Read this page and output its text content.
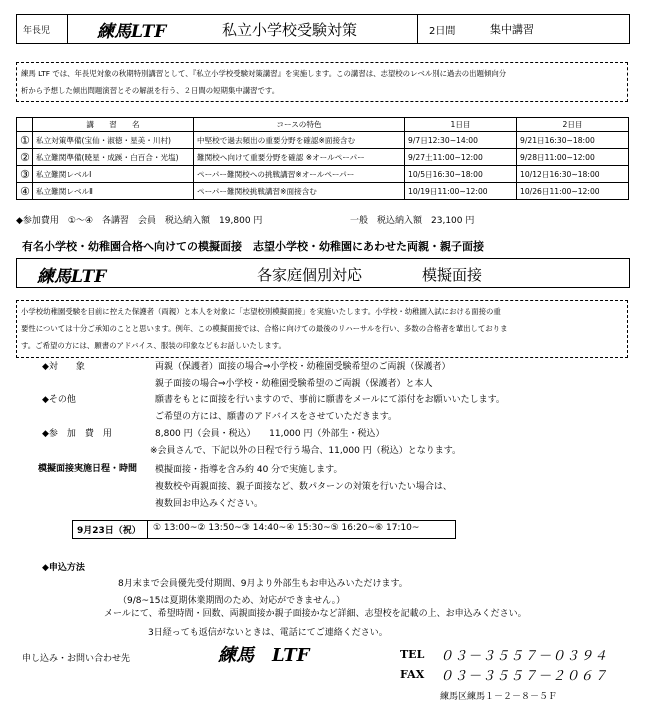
年長児	練馬LTF	私立小学校受験対策	2日間	集中講習
練馬 LTF では、年長児対象の秋期特別講習として、『私立小学校受験対策講習』を実施します。この講習は、志望校のレベル別に過去の出題傾向分
析から予想した傾出問題演習とその解説を行う、２日間の短期集中講習です。
	講　　習　　名	コースの特色	1日目	2日目
①	私立対策準備(宝仙・淑徳・星美・川村)	中堅校で過去頻出の重要分野を確認※面接含む	9/7日12:30~14:00	9/21日16:30~18:00
②	私立難関準備(暁星・成蹊・白百合・光塩)	難関校へ向けて重要分野を確認 ※オールペーパー	9/27土11:00~12:00	9/28日11:00~12:00
③	私立難関レベルⅠ	ペーパー難関校への挑戦講習※オールペーパー	10/5日16:30~18:00	10/12日16:30~18:00
④	私立難関レベルⅡ	ペーパー難関校挑戦講習※面接含む	10/19日11:00~12:00	10/26日11:00~12:00
◆参加費用　①～④　各講習　会員　税込納入額　19,800 円	一般　税込納入額　23,100 円
有名小学校・幼稚園合格へ向けての模擬面接　志望小学校・幼稚園にあわせた両親・親子面接
練馬LTF	各家庭個別対応	模擬面接
小学校幼稚園受験を目前に控えた保護者（両親）と本人を対象に「志望校別模擬面接」を実施いたします。小学校・幼稚園入試における面接の重
要性については十分ご承知のことと思います。例年、この模擬面接では、合格に向けての最後のリハーサルを行い、多数の合格者を輩出しておりま
す。ご希望の方には、願書のアドバイス、服装の印象などもお話しいたします。
◆対　　象	両親（保護者）面接の場合⇒小学校・幼稚園受験希望のご両親（保護者）
親子面接の場合⇒小学校・幼稚園受験希望のご両親（保護者）と本人
◆その他	願書をもとに面接を行いますので、事前に願書をメールにて添付をお願いいたします。
ご希望の方には、願書のアドバイスをさせていただきます。
◆参　加　費　用	8,800 円（会員・税込）　　11,000 円（外部生・税込）
※会員さんで、下記以外の日程で行う場合、11,000 円（税込）となります。
模擬面接実施日程・時間 模擬面接・指導を含み約 40 分で実施します。
複数校や両親面接、親子面接など、数パターンの対策を行いたい場合は、
複数回お申込みください。
9月23日（祝） ① 13:00~② 13:50~③ 14:40~④ 15:30~⑤ 16:20~⑥ 17:10~
◆申込方法
8月末まで会員優先受付期間、9月より外部生もお申込みいただけます。
（9/8~15は夏期休業期間のため、対応ができません。）
メールにて、希望時間・回数、両親面接か親子面接かなど詳細、志望校を記載の上、お申込みください。
3日経っても返信がないときは、電話にてご連絡ください。
申し込み・お問い合わせ先	練馬　LTF	TEL ０３－３５５７－０３９４
FAX ０３－３５５７－２０６７
練馬区練馬１－２－８－５Ｆ
